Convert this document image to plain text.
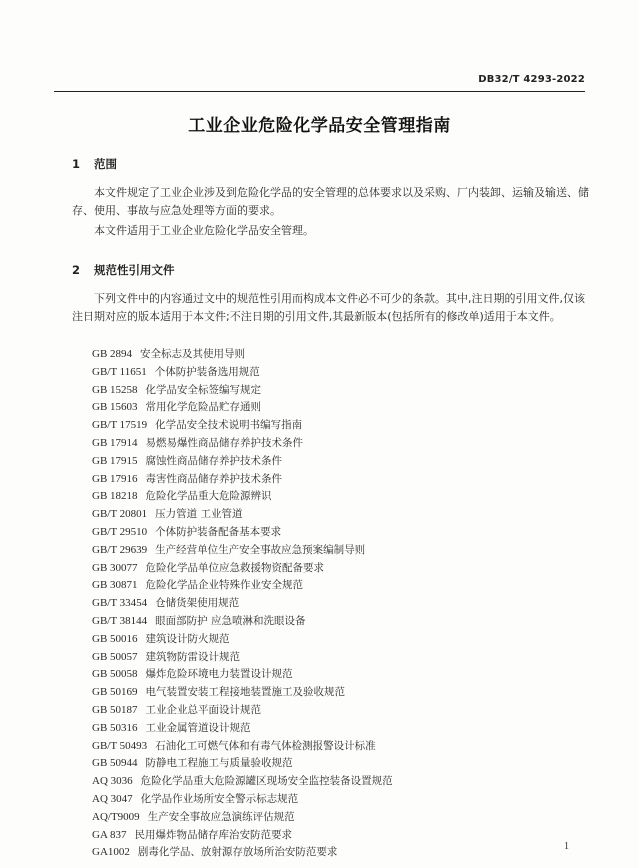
DB32/T 4293-2022
工业企业危险化学品安全管理指南
1 范围
本文件规定了工业企业涉及到危险化学品的安全管理的总体要求以及采购、厂内装卸、运输及输送、储存、使用、事故与应急处理等方面的要求。
本文件适用于工业企业危险化学品安全管理。
2 规范性引用文件
下列文件中的内容通过文中的规范性引用而构成本文件必不可少的条款。其中,注日期的引用文件,仅该注日期对应的版本适用于本文件;不注日期的引用文件,其最新版本(包括所有的修改单)适用于本文件。
GB 2894 安全标志及其使用导则
GB/T 11651 个体防护装备选用规范
GB 15258 化学品安全标签编写规定
GB 15603 常用化学危险品贮存通则
GB/T 17519 化学品安全技术说明书编写指南
GB 17914 易燃易爆性商品储存养护技术条件
GB 17915 腐蚀性商品储存养护技术条件
GB 17916 毒害性商品储存养护技术条件
GB 18218 危险化学品重大危险源辨识
GB/T 20801 压力管道 工业管道
GB/T 29510 个体防护装备配备基本要求
GB/T 29639 生产经营单位生产安全事故应急预案编制导则
GB 30077 危险化学品单位应急救援物资配备要求
GB 30871 危险化学品企业特殊作业安全规范
GB/T 33454 仓储货架使用规范
GB/T 38144 眼面部防护 应急喷淋和洗眼设备
GB 50016 建筑设计防火规范
GB 50057 建筑物防雷设计规范
GB 50058 爆炸危险环境电力装置设计规范
GB 50169 电气装置安装工程接地装置施工及验收规范
GB 50187 工业企业总平面设计规范
GB 50316 工业金属管道设计规范
GB/T 50493 石油化工可燃气体和有毒气体检测报警设计标准
GB 50944 防静电工程施工与质量验收规范
AQ 3036 危险化学品重大危险源罐区现场安全监控装备设置规范
AQ 3047 化学品作业场所安全警示标志规范
AQ/T9009 生产安全事故应急演练评估规范
GA 837 民用爆炸物品储存库治安防范要求
GA1002 剧毒化学品、放射源存放场所治安防范要求	1
